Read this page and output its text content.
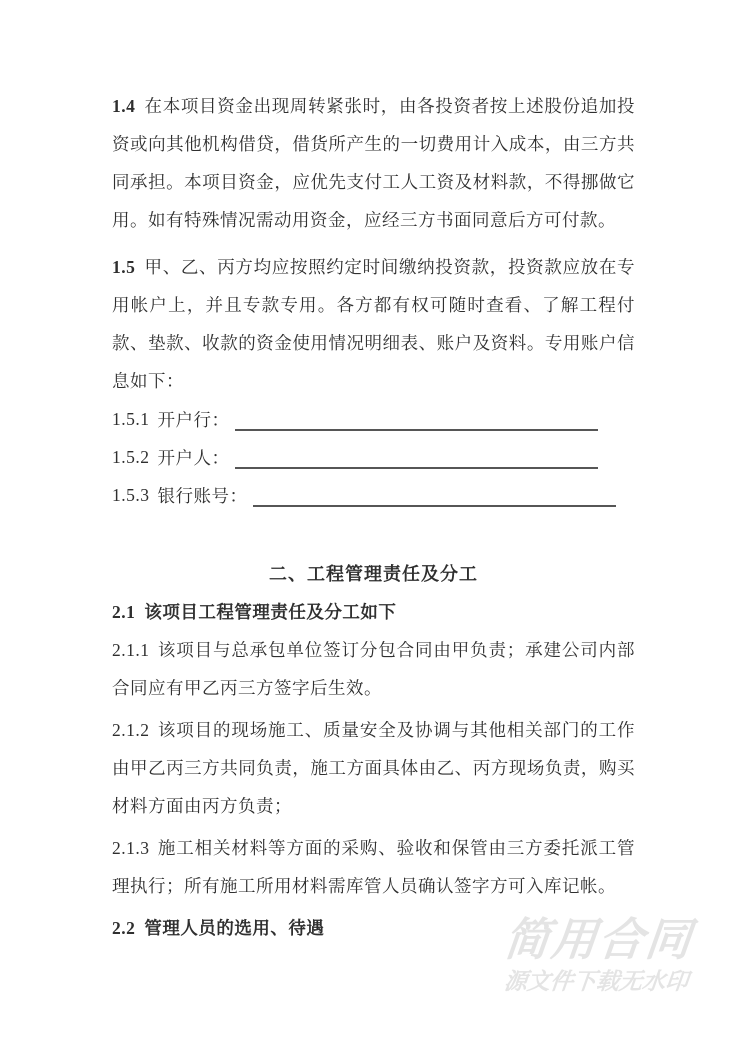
1.4 在本项目资金出现周转紧张时，由各投资者按上述股份追加投资或向其他机构借贷，借货所产生的一切费用计入成本，由三方共同承担。本项目资金，应优先支付工人工资及材料款，不得挪做它用。如有特殊情况需动用资金，应经三方书面同意后方可付款。

1.5 甲、乙、丙方均应按照约定时间缴纳投资款，投资款应放在专用帐户上，并且专款专用。各方都有权可随时查看、了解工程付款、垫款、收款的资金使用情况明细表、账户及资料。专用账户信息如下：

1.5.1 开户行：
1.5.2 开户人：
1.5.3 银行账号：
二、工程管理责任及分工

2.1 该项目工程管理责任及分工如下

2.1.1 该项目与总承包单位签订分包合同由甲负责；承建公司内部合同应有甲乙丙三方签字后生效。

2.1.2 该项目的现场施工、质量安全及协调与其他相关部门的工作由甲乙丙三方共同负责，施工方面具体由乙、丙方现场负责，购买材料方面由丙方负责；

2.1.3 施工相关材料等方面的采购、验收和保管由三方委托派工管理执行；所有施工所用材料需库管人员确认签字方可入库记帐。

2.2 管理人员的选用、待遇	简用合同
源文件下载无水印
